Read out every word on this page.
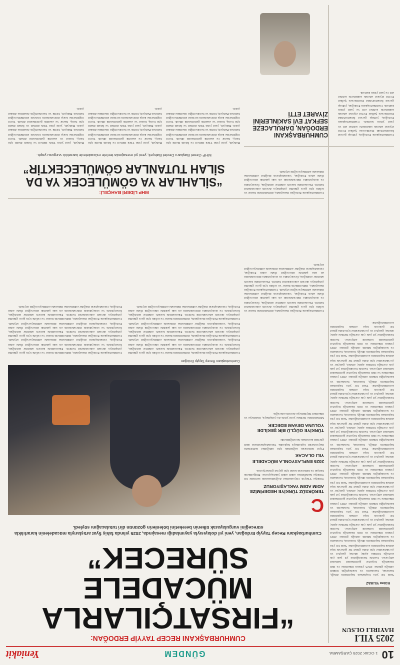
10
1 OCAK 2025 ÇARŞAMBA
GÜNDEM
Yeniakit
2025 YILI
HAYIRLI OLSUN
Kübra YILMAZ
Yeni bir yıla başlarken hepimizin dileği, huzurun, bereketin ve kardeşliğin hâkim olduğu günler. 2025 yılının ülkemize ve tüm insanlığa hayırlar getirmesini temenni ediyoruz. Geride bıraktığımız yıl pek çok zorluğu birlikte aştık; aileler, gençler ve çocuklarımız için daha güzel bir gelecek inşa etmek hepimizin sorumluluğudur. Yeni bir yıla başlarken hepimizin dileği, huzurun, bereketin ve kardeşliğin hâkim olduğu günler. 2025 yılının ülkemize ve tüm insanlığa hayırlar getirmesini temenni ediyoruz. Geride bıraktığımız yıl pek çok zorluğu birlikte aştık; aileler, gençler ve çocuklarımız için daha güzel bir gelecek inşa etmek hepimizin sorumluluğudur. Yeni bir yıla başlarken hepimizin dileği, huzurun, bereketin ve kardeşliğin hâkim olduğu günler. 2025 yılının ülkemize ve tüm insanlığa hayırlar getirmesini temenni ediyoruz. Geride bıraktığımız yıl pek çok zorluğu birlikte aştık; aileler, gençler ve çocuklarımız için daha güzel bir gelecek inşa etmek hepimizin sorumluluğudur. Yeni bir yıla başlarken hepimizin dileği, huzurun, bereketin ve kardeşliğin hâkim olduğu günler. 2025 yılının ülkemize ve tüm insanlığa hayırlar getirmesini temenni ediyoruz. Geride bıraktığımız yıl pek çok zorluğu birlikte aştık; aileler, gençler ve çocuklarımız için daha güzel bir gelecek inşa etmek hepimizin sorumluluğudur. Yeni bir yıla başlarken hepimizin dileği, huzurun, bereketin ve kardeşliğin hâkim olduğu günler. 2025 yılının ülkemize ve tüm insanlığa hayırlar getirmesini temenni ediyoruz. Geride bıraktığımız yıl pek çok zorluğu birlikte aştık; aileler, gençler ve çocuklarımız için daha güzel bir gelecek inşa etmek hepimizin sorumluluğudur. Yeni bir yıla başlarken hepimizin dileği, huzurun, bereketin ve kardeşliğin hâkim olduğu günler. 2025 yılının ülkemize ve tüm insanlığa hayırlar getirmesini temenni ediyoruz. Geride bıraktığımız yıl pek çok zorluğu birlikte aştık; aileler, gençler ve çocuklarımız için daha güzel bir gelecek inşa etmek hepimizin sorumluluğudur. Yeni bir yıla başlarken hepimizin dileği, huzurun, bereketin ve kardeşliğin hâkim olduğu günler. 2025 yılının ülkemize ve tüm insanlığa hayırlar getirmesini temenni ediyoruz. Geride bıraktığımız yıl pek çok zorluğu birlikte aştık; aileler, gençler ve çocuklarımız için daha güzel bir gelecek inşa etmek hepimizin sorumluluğudur. Yeni bir yıla başlarken hepimizin dileği, huzurun, bereketin ve kardeşliğin hâkim olduğu günler. 2025 yılının ülkemize ve tüm insanlığa hayırlar getirmesini temenni ediyoruz. Geride bıraktığımız yıl pek çok zorluğu birlikte aştık; aileler, gençler ve çocuklarımız için daha güzel bir gelecek inşa etmek hepimizin sorumluluğudur.
CUMHURBAŞKANI RECEP TAYYİP ERDOĞAN:
“FIRSATÇILARLA MÜCADELE SÜRECEK”
Cumhurbaşkanı Recep Tayyip Erdoğan, yeni yıl dolayısıyla yayımladığı mesajında, 2025 yılında fahiş fiyat artışlarıyla mücadelenin kararlılıkla süreceğini vurgulayarak ülkenin bereketini bölenlerin gözünün diri tutulacağını söyledi.
Cumhurbaşkanı Recep Tayyip Erdoğan
C
TERÖRSÜZ TÜRKİYE HEDEFİMİZE ADIM ADIM YAKLAŞIYORUZ
Türkiye Yüzyılı vizyonumuz doğrultusunda terörsüz bir Türkiye hedefimize adım adım yaklaşıyoruz. Bölgemizde barışın ve istikrarın tesisi için gayret gösteriyoruz.
2025 ENFLASYONLA MÜCADELE YILI OLACAK
Fiyat istikrarını sağlamak için aldığımız tedbirlerin meyvelerini toplamaya başladık. Vatandaşlarımızın alım gücünü korumak önceliğimizdir.
TÜRKİYE GÜÇLÜ BİR ŞEKİLDE YOLUNA DEVAM EDECEK
Milletimizle birlikte yeni yılda da çalışmaya, üretmeye ve ülkemizi büyütmeye devam edeceğiz.
Cumhurbaşkanı Erdoğan mesajında, milletimizin huzur ve refahı için gece gündüz çalışmaya devam edeceklerini belirtti. Ekonomide kararlı adımlar atıldığını, fırsatçılıkla ve stokçulukla mücadelenin en sıkı şekilde süreceğini ifade eden Erdoğan, vatandaşların mağdur edilmesine müsaade edilmeyeceğini söyledi. Cumhurbaşkanı Erdoğan mesajında, milletimizin huzur ve refahı için gece gündüz çalışmaya devam edeceklerini belirtti. Ekonomide kararlı adımlar atıldığını, fırsatçılıkla ve stokçulukla mücadelenin en sıkı şekilde süreceğini ifade eden Erdoğan, vatandaşların mağdur edilmesine müsaade edilmeyeceğini söyledi.
Cumhurbaşkanı Erdoğan mesajında, milletimizin huzur ve refahı için gece gündüz çalışmaya devam edeceklerini belirtti. Ekonomide kararlı adımlar atıldığını, fırsatçılıkla ve stokçulukla mücadelenin en sıkı şekilde süreceğini ifade eden Erdoğan, vatandaşların mağdur edilmesine müsaade edilmeyeceğini söyledi. Cumhurbaşkanı Erdoğan mesajında, milletimizin huzur ve refahı için gece gündüz çalışmaya devam edeceklerini belirtti. Ekonomide kararlı adımlar atıldığını, fırsatçılıkla ve stokçulukla mücadelenin en sıkı şekilde süreceğini ifade eden Erdoğan, vatandaşların mağdur edilmesine müsaade edilmeyeceğini söyledi. Cumhurbaşkanı Erdoğan mesajında, milletimizin huzur ve refahı için gece gündüz çalışmaya devam edeceklerini belirtti. Ekonomide kararlı adımlar atıldığını, fırsatçılıkla ve stokçulukla mücadelenin en sıkı şekilde süreceğini ifade eden Erdoğan, vatandaşların mağdur edilmesine müsaade edilmeyeceğini söyledi.
Cumhurbaşkanı Erdoğan mesajında, milletimizin huzur ve refahı için gece gündüz çalışmaya devam edeceklerini belirtti. Ekonomide kararlı adımlar atıldığını, fırsatçılıkla ve stokçulukla mücadelenin en sıkı şekilde süreceğini ifade eden Erdoğan, vatandaşların mağdur edilmesine müsaade edilmeyeceğini söyledi. Cumhurbaşkanı Erdoğan mesajında, milletimizin huzur ve refahı için gece gündüz çalışmaya devam edeceklerini belirtti. Ekonomide kararlı adımlar atıldığını, fırsatçılıkla ve stokçulukla mücadelenin en sıkı şekilde süreceğini ifade eden Erdoğan, vatandaşların mağdur edilmesine müsaade edilmeyeceğini söyledi. Cumhurbaşkanı Erdoğan mesajında, milletimizin huzur ve refahı için gece gündüz çalışmaya devam edeceklerini belirtti. Ekonomide kararlı adımlar atıldığını, fırsatçılıkla ve stokçulukla mücadelenin en sıkı şekilde süreceğini ifade eden Erdoğan, vatandaşların mağdur edilmesine müsaade edilmeyeceğini söyledi.
MHP LİDERİ BAHÇELİ:
“SİLAHLAR YA GÖMÜLECEK YA DA SİLAH TUTANLAR GÖMÜLECEKTİR”
MHP Genel Başkanı Devlet Bahçeli, yeni yıl mesajında terörle mücadelede kararlılık vurgusu yaptı.
Bahçeli, yeni yılın Türk milleti ve İslam âlemi için barış, huzur ve esenlik getirmesini diledi. Terör örgütlerine karşı mücadelenin tavizsiz sürdürüleceğini belirten Bahçeli, birlik ve beraberliğin önemine dikkat çekti. Bahçeli, yeni yılın Türk milleti ve İslam âlemi için barış, huzur ve esenlik getirmesini diledi. Terör örgütlerine karşı mücadelenin tavizsiz sürdürüleceğini belirten Bahçeli, birlik ve beraberliğin önemine dikkat çekti.
Bahçeli, yeni yılın Türk milleti ve İslam âlemi için barış, huzur ve esenlik getirmesini diledi. Terör örgütlerine karşı mücadelenin tavizsiz sürdürüleceğini belirten Bahçeli, birlik ve beraberliğin önemine dikkat çekti. Bahçeli, yeni yılın Türk milleti ve İslam âlemi için barış, huzur ve esenlik getirmesini diledi. Terör örgütlerine karşı mücadelenin tavizsiz sürdürüleceğini belirten Bahçeli, birlik ve beraberliğin önemine dikkat çekti.
Bahçeli, yeni yılın Türk milleti ve İslam âlemi için barış, huzur ve esenlik getirmesini diledi. Terör örgütlerine karşı mücadelenin tavizsiz sürdürüleceğini belirten Bahçeli, birlik ve beraberliğin önemine dikkat çekti. Bahçeli, yeni yılın Türk milleti ve İslam âlemi için barış, huzur ve esenlik getirmesini diledi. Terör örgütlerine karşı mücadelenin tavizsiz sürdürüleceğini belirten Bahçeli, birlik ve beraberliğin önemine dikkat çekti.
Cumhurbaşkanı Erdoğan mesajında, milletimizin huzur ve refahı için gece gündüz çalışmaya devam edeceklerini belirtti. Ekonomide kararlı adımlar atıldığını, fırsatçılıkla ve stokçulukla mücadelenin en sıkı şekilde süreceğini ifade eden Erdoğan, vatandaşların mağdur edilmesine müsaade edilmeyeceğini söyledi.
CUMHURBAŞKANI ERDOĞAN, DARULACEZE SEFKAT EVİ SAKİNLERİNİ ZİYARET ETTİ
Cumhurbaşkanı Erdoğan, yılbaşı gecesi İstanbul'daki Darülaceze Şefkat Evi'ni ziyaret ederek sakinlerle sohbet etti ve yeni yılını kutladı. Cumhurbaşkanı Erdoğan, yılbaşı gecesi İstanbul'daki Darülaceze Şefkat Evi'ni ziyaret ederek sakinlerle sohbet etti ve yeni yılını kutladı. Cumhurbaşkanı Erdoğan, yılbaşı gecesi İstanbul'daki Darülaceze Şefkat Evi'ni ziyaret ederek sakinlerle sohbet etti ve yeni yılını kutladı.
